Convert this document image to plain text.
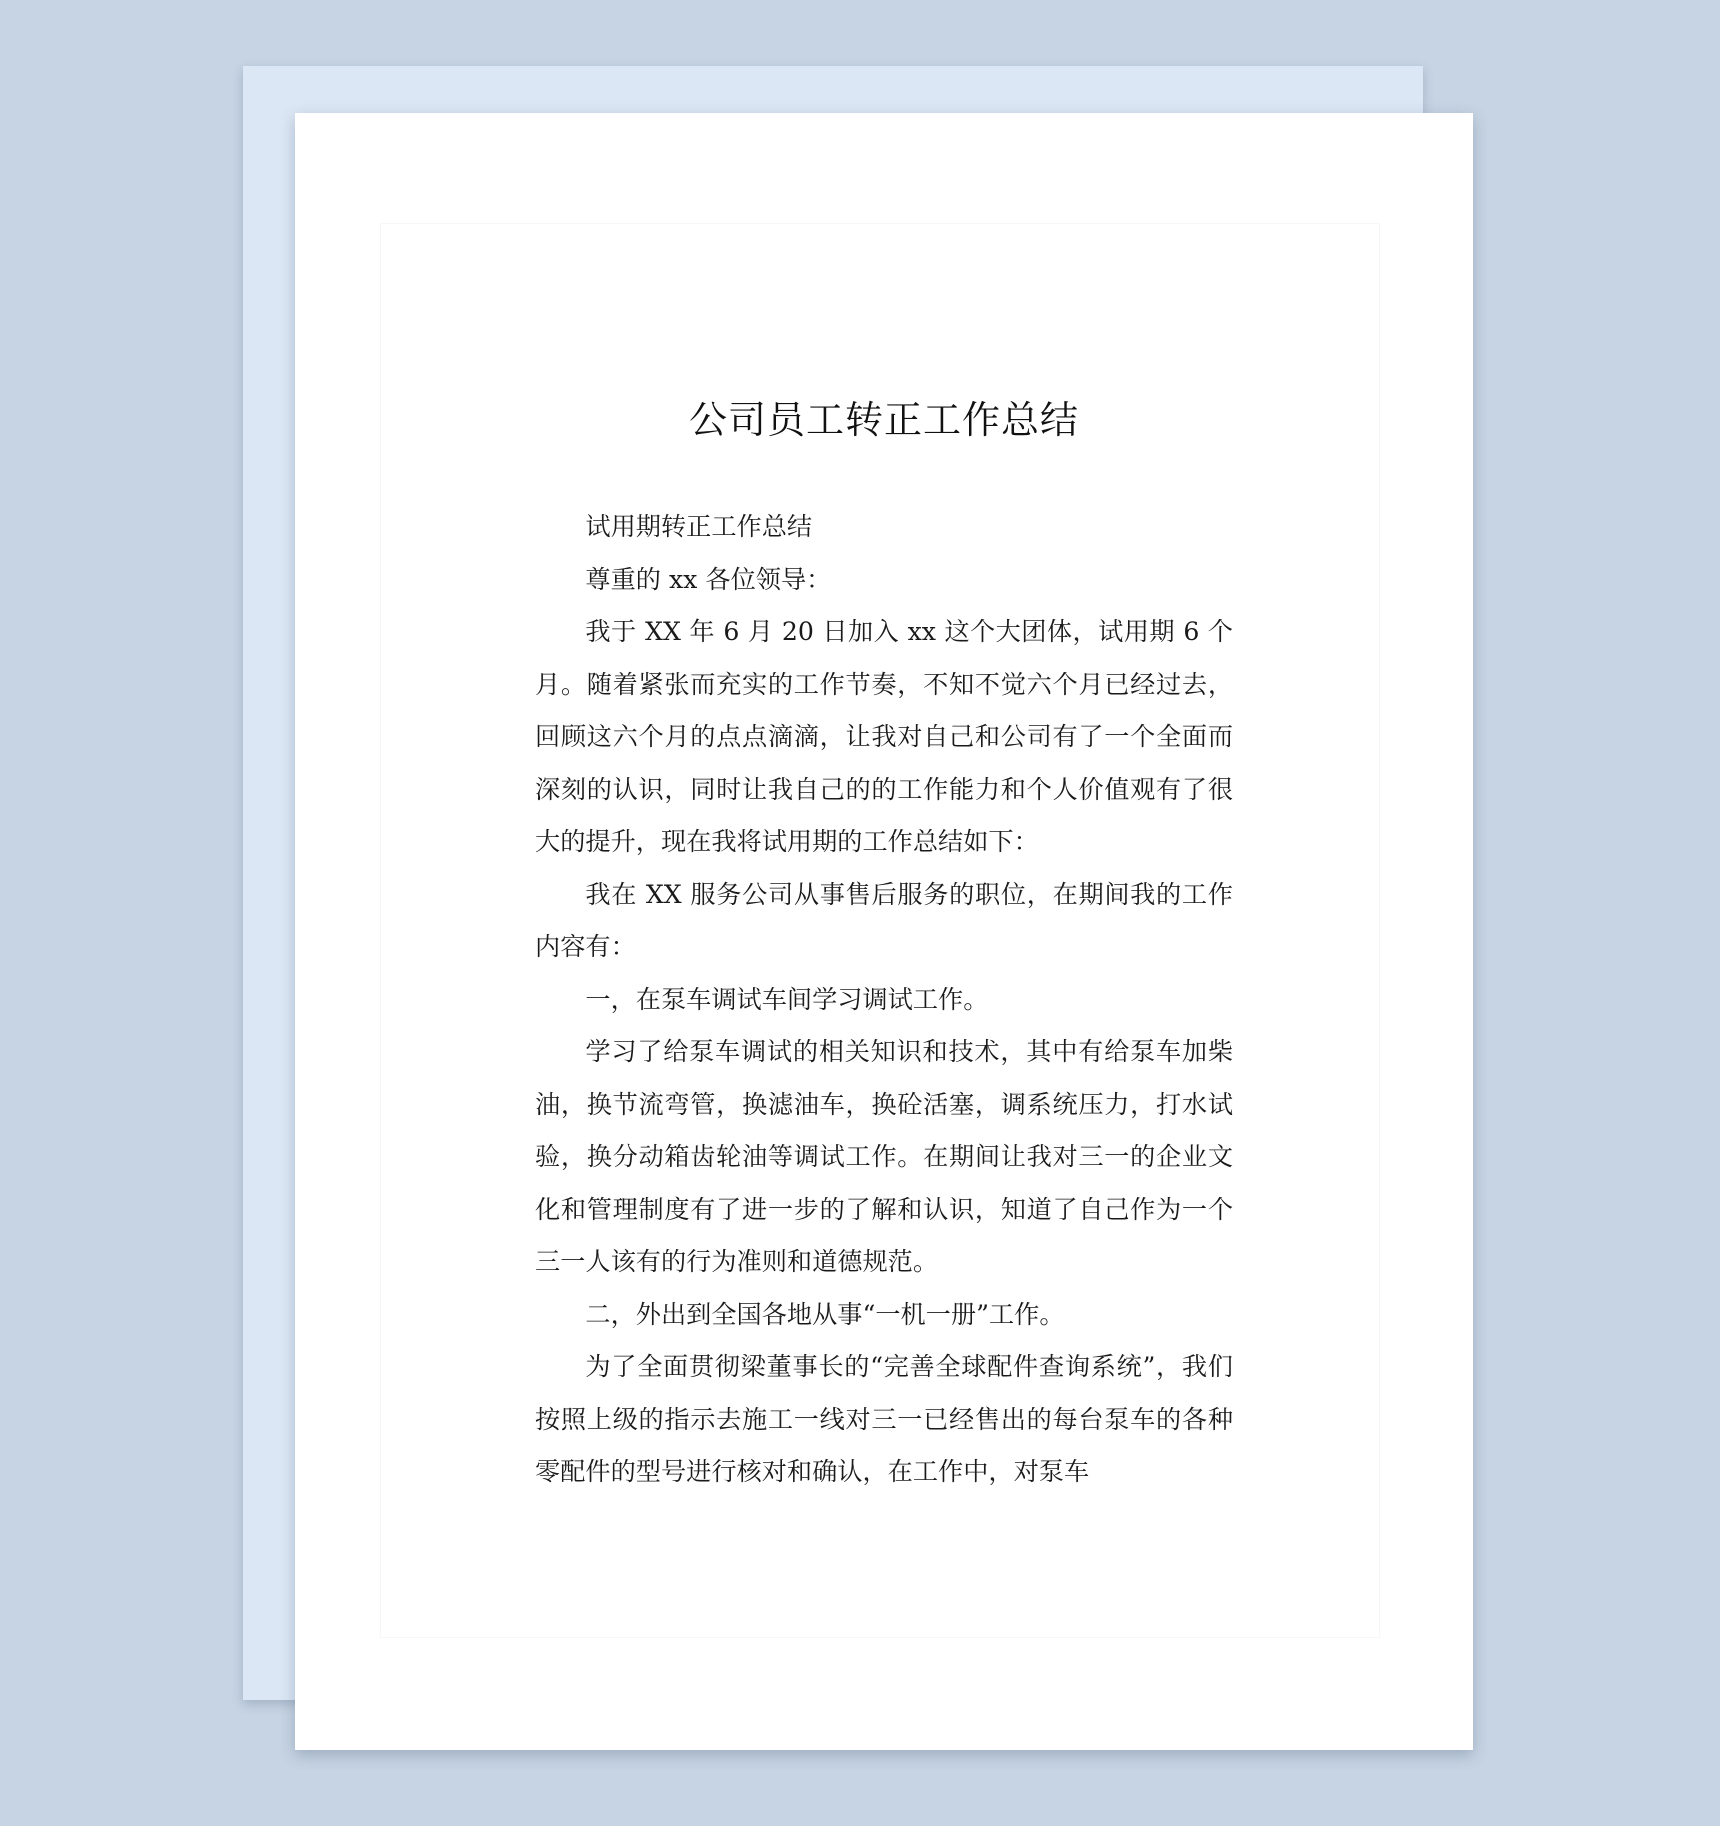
公司员工转正工作总结

试用期转正工作总结

尊重的 xx 各位领导：

我于 XX 年 6 月 20 日加入 xx 这个大团体，试用期 6 个月。随着紧张而充实的工作节奏，不知不觉六个月已经过去，回顾这六个月的点点滴滴，让我对自己和公司有了一个全面而深刻的认识，同时让我自己的的工作能力和个人价值观有了很大的提升，现在我将试用期的工作总结如下：

我在 XX 服务公司从事售后服务的职位，在期间我的工作内容有：

一，在泵车调试车间学习调试工作。

学习了给泵车调试的相关知识和技术，其中有给泵车加柴油，换节流弯管，换滤油车，换砼活塞，调系统压力，打水试验，换分动箱齿轮油等调试工作。在期间让我对三一的企业文化和管理制度有了进一步的了解和认识，知道了自己作为一个三一人该有的行为准则和道德规范。

二，外出到全国各地从事“一机一册”工作。

为了全面贯彻梁董事长的“完善全球配件查询系统”，我们按照上级的指示去施工一线对三一已经售出的每台泵车的各种零配件的型号进行核对和确认，在工作中，对泵车
